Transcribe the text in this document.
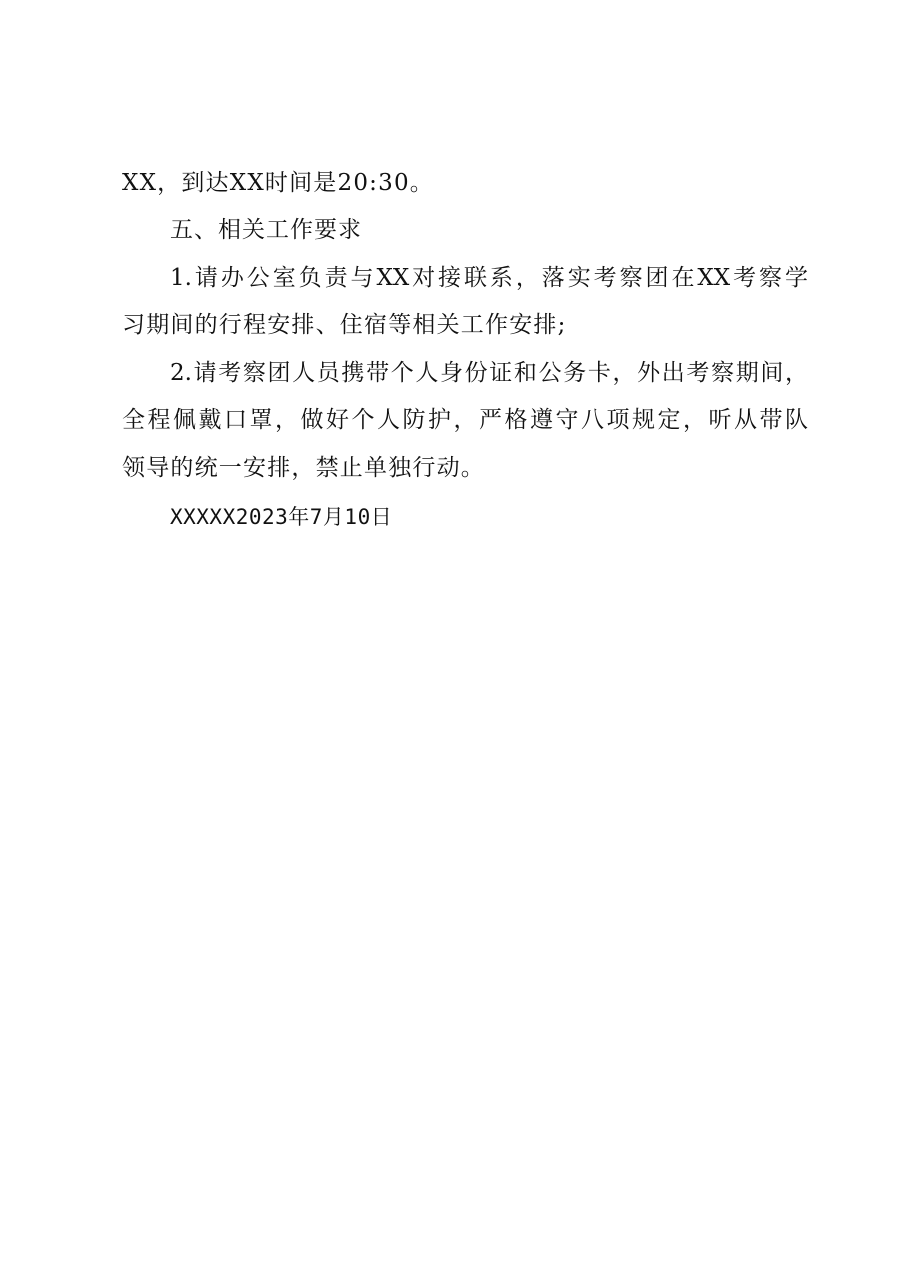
XX，到达XX时间是20:30。
五、相关工作要求
1.请办公室负责与XX对接联系，落实考察团在XX考察学
习期间的行程安排、住宿等相关工作安排;
2.请考察团人员携带个人身份证和公务卡，外出考察期间，
全程佩戴口罩，做好个人防护，严格遵守八项规定，听从带队
领导的统一安排，禁止单独行动。
XXXXX2023年7月10日
